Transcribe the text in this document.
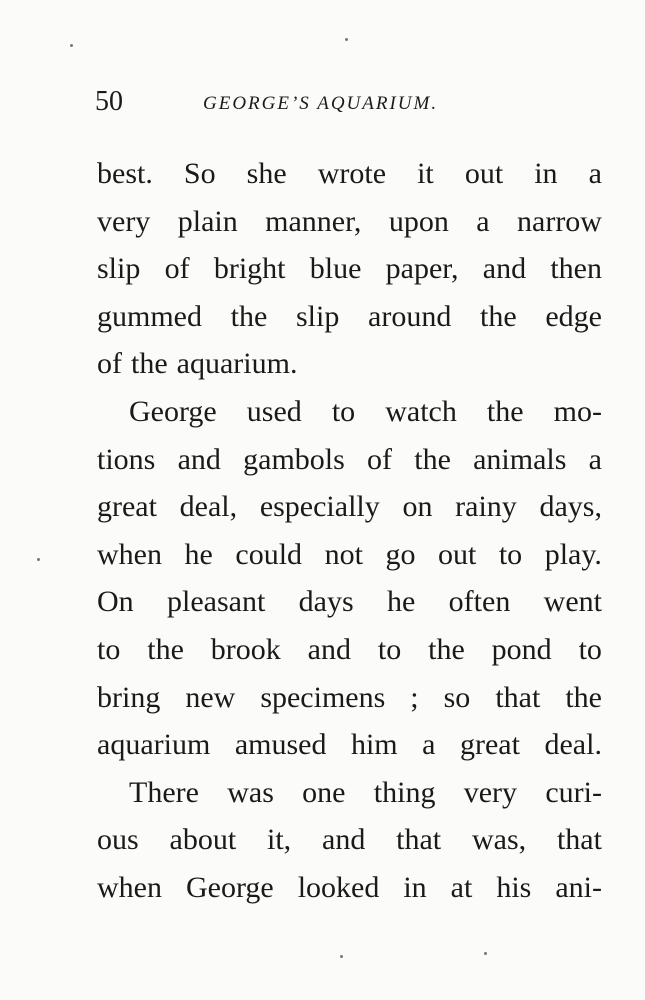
50	GEORGE’S AQUARIUM.
best. So she wrote it out in a
very plain manner, upon a narrow
slip of bright blue paper, and then
gummed the slip around the edge
of the aquarium.
George used to watch the mo-
tions and gambols of the animals a
great deal, especially on rainy days,
when he could not go out to play.
On pleasant days he often went
to the brook and to the pond to
bring new specimens ; so that the
aquarium amused him a great deal.
There was one thing very curi-
ous about it, and that was, that
when George looked in at his ani-
